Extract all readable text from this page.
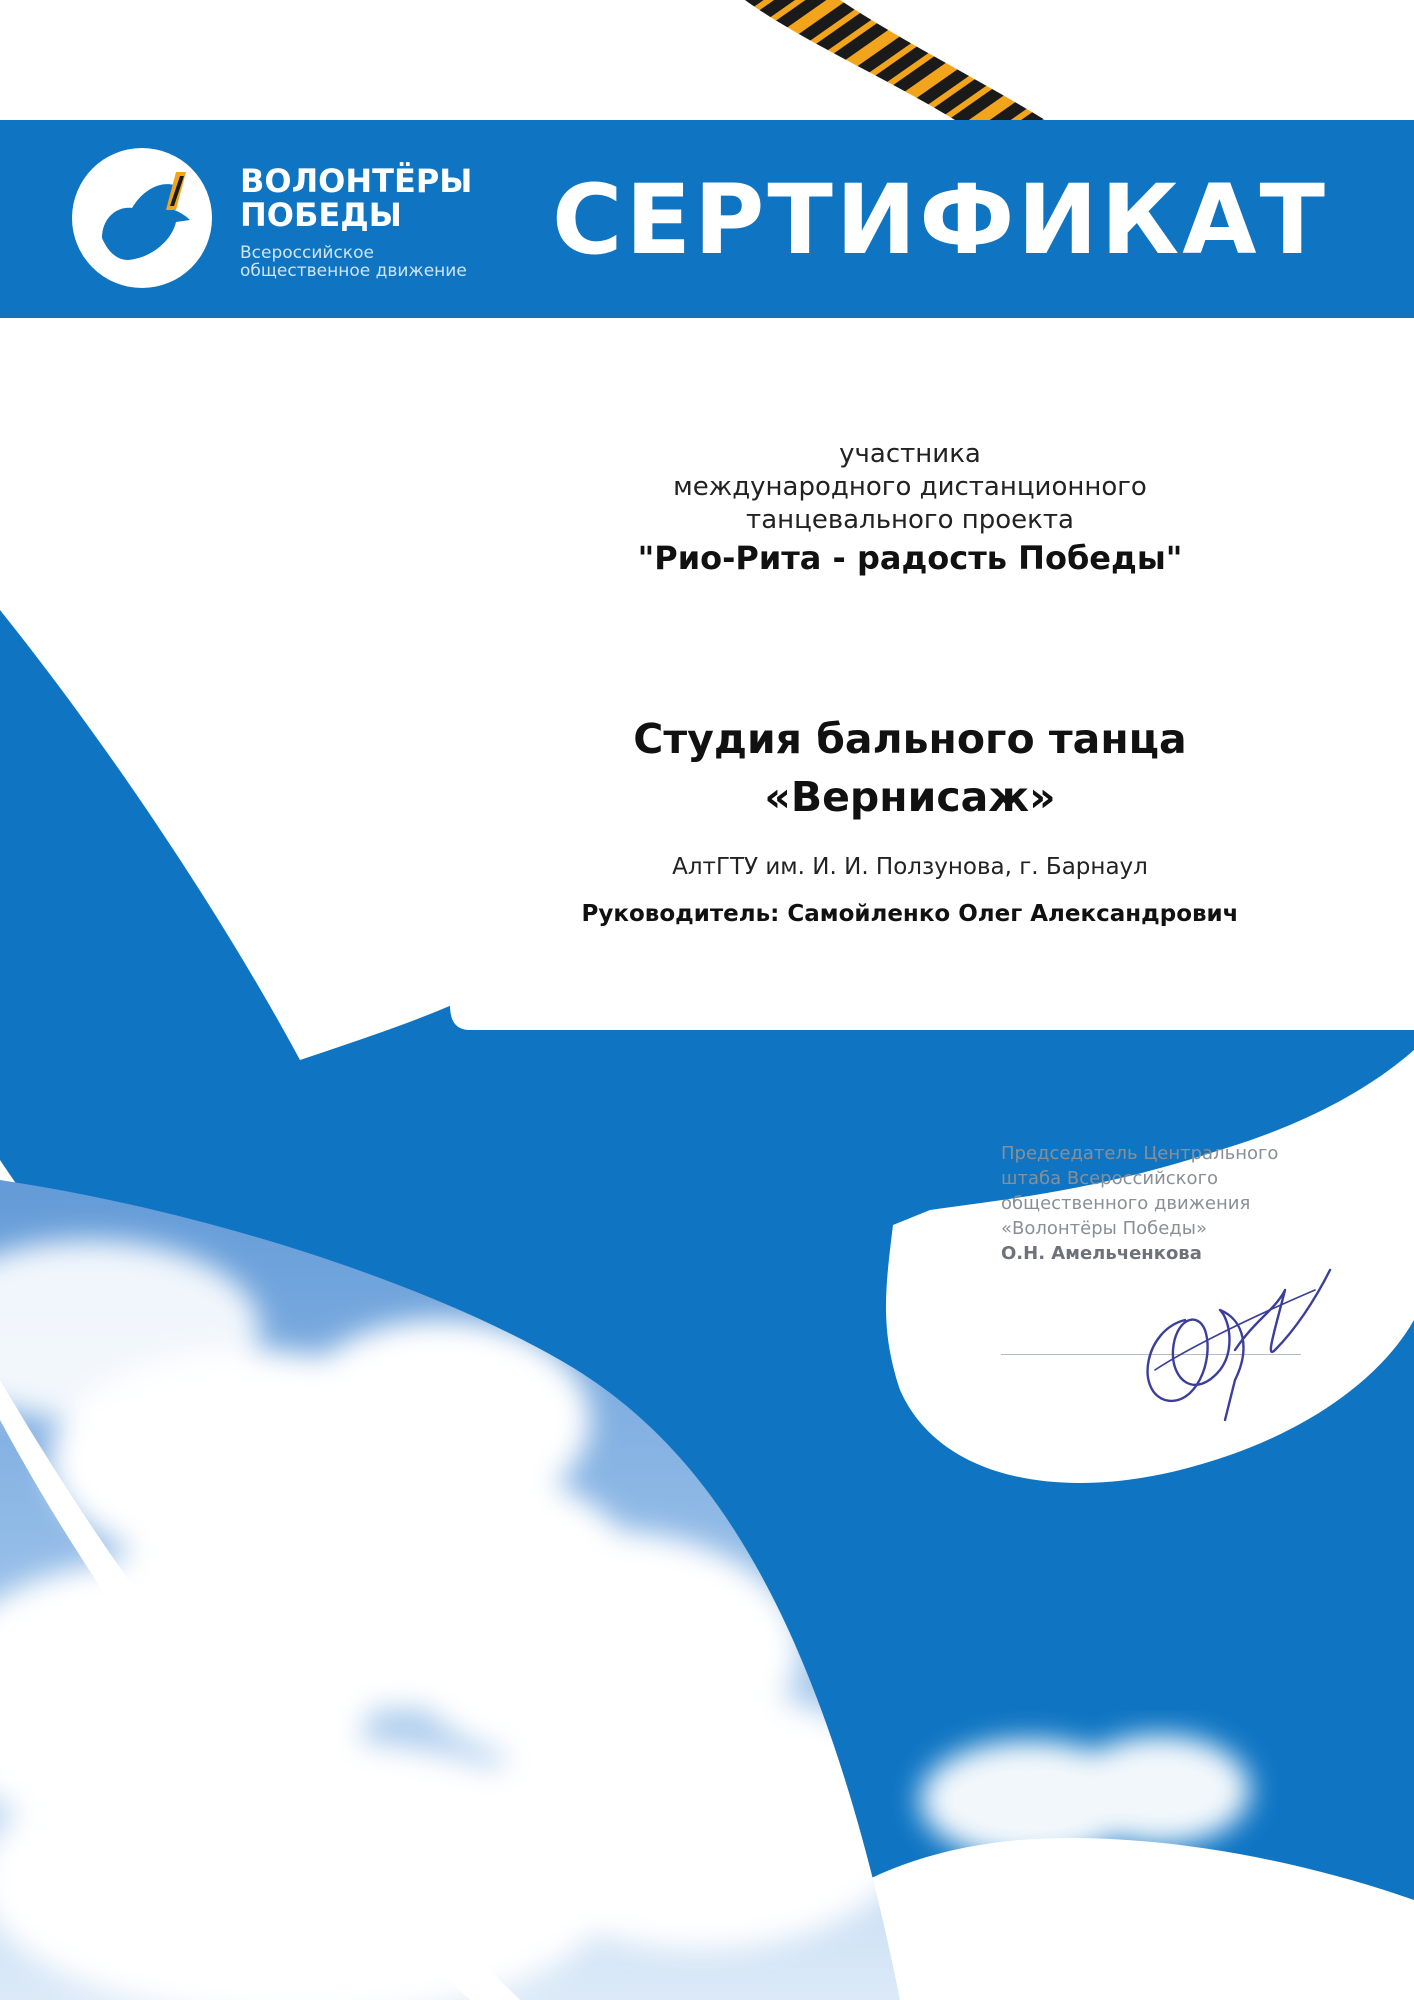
ВОЛОНТЁРЫ
ПОБЕДЫ
Всероссийское
общественное движение СЕРТИФИКАТ
участника
международного дистанционного
танцевального проекта
"Рио-Рита - радость Победы"
Студия бального танца
«Вернисаж»
АлтГТУ им. И. И. Ползунова, г. Барнаул
Руководитель: Самойленко Олег Александрович
Председатель Центрального
штаба Всероссийского
общественного движения
«Волонтёры Победы»
О.Н. Амельченкова
